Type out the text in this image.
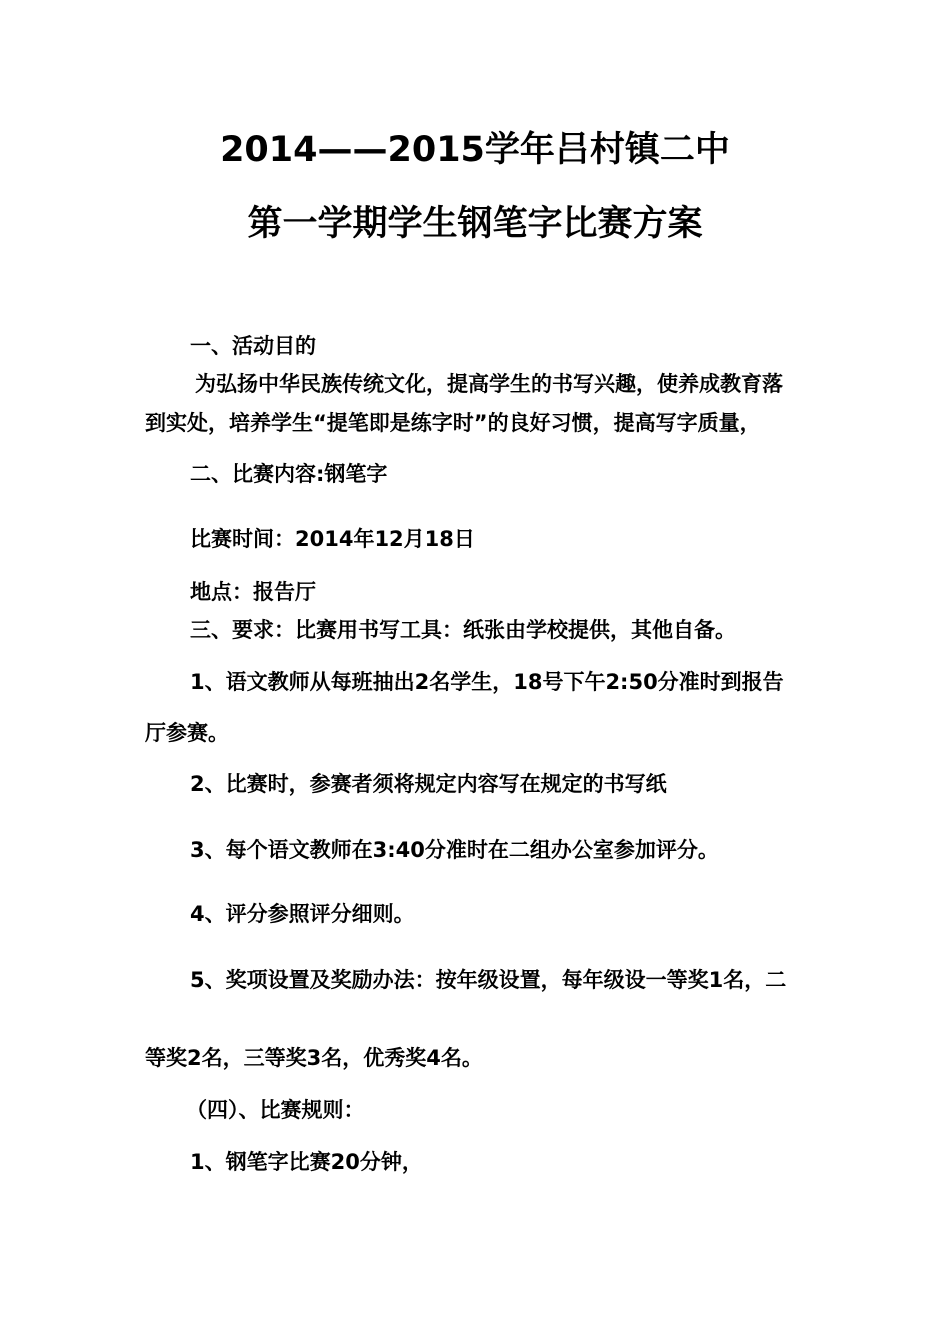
2014——2015学年吕村镇二中
第一学期学生钢笔字比赛方案

一、活动目的

为弘扬中华民族传统文化，提高学生的书写兴趣，使养成教育落

到实处，培养学生“提笔即是练字时”的良好习惯，提高写字质量，

二、比赛内容:钢笔字

比赛时间：2014年12月18日

地点：报告厅

三、要求：比赛用书写工具：纸张由学校提供，其他自备。

1、语文教师从每班抽出2名学生，18号下午2:50分准时到报告

厅参赛。

2、比赛时，参赛者须将规定内容写在规定的书写纸

3、每个语文教师在3:40分准时在二组办公室参加评分。

4、评分参照评分细则。

5、奖项设置及奖励办法：按年级设置，每年级设一等奖1名，二

等奖2名，三等奖3名，优秀奖4名。

（四）、比赛规则：

1、钢笔字比赛20分钟，
